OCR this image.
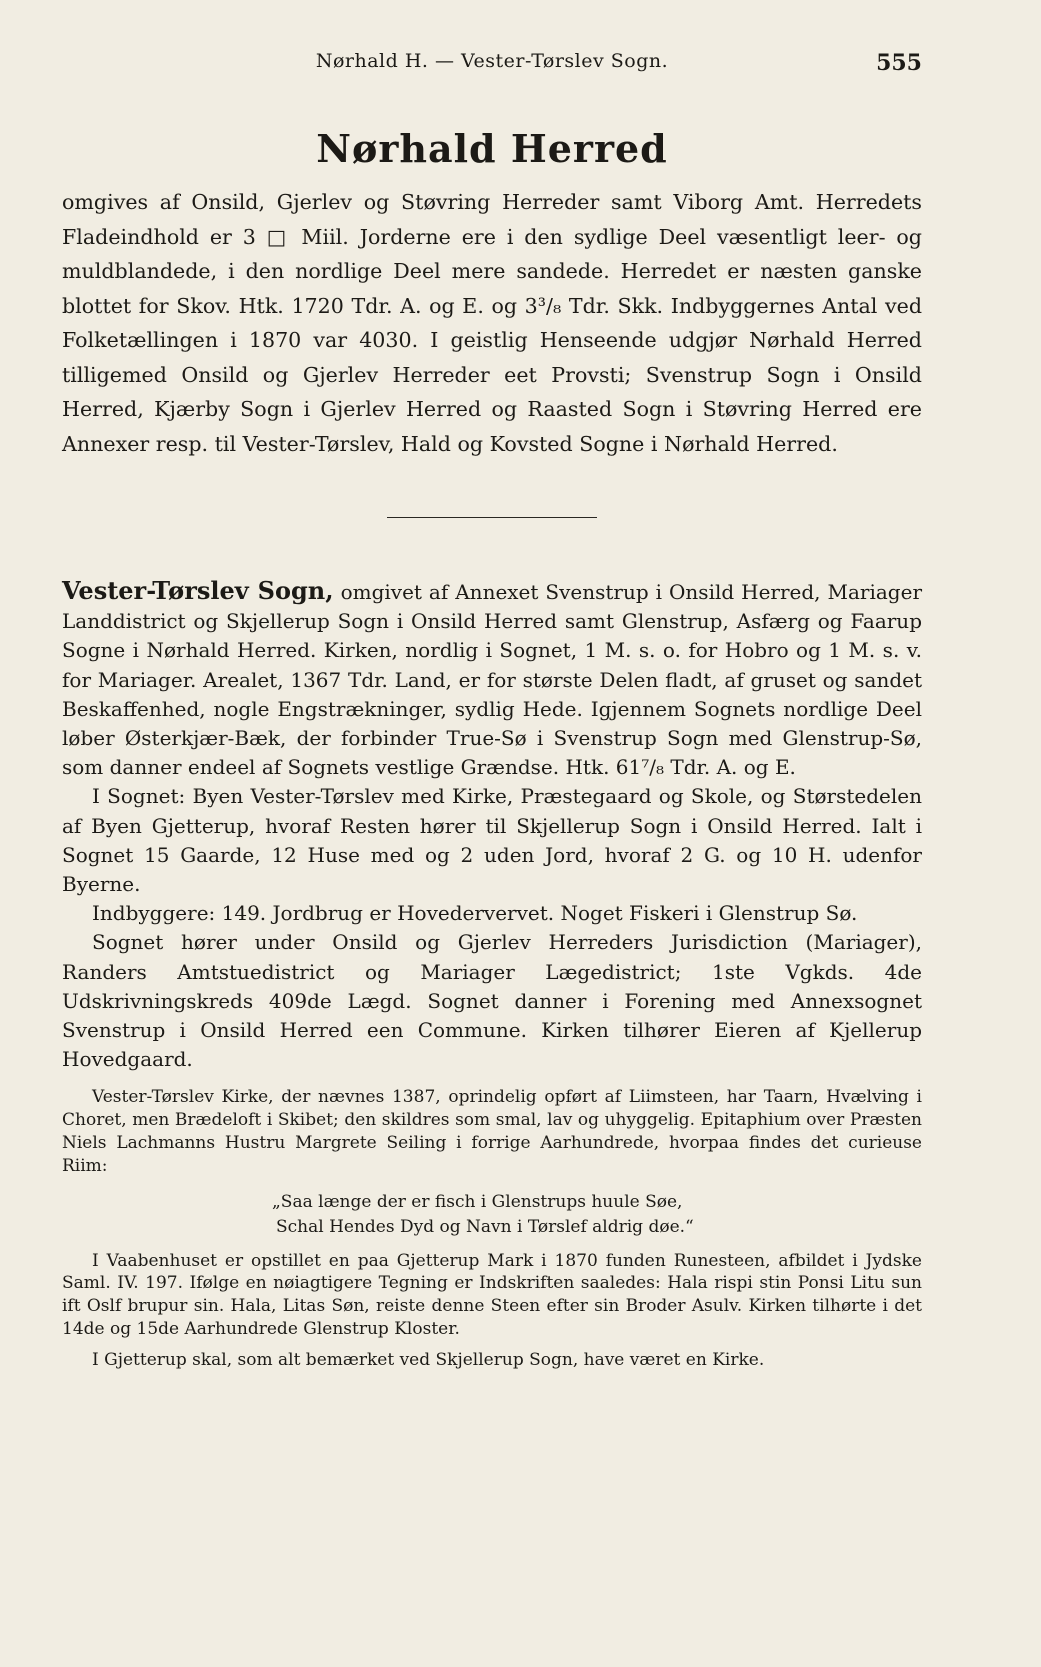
Nørhald H. — Vester-Tørslev Sogn.	555
Nørhald Herred

omgives af Onsild, Gjerlev og Støvring Herreder samt Viborg Amt. Herredets Fladeindhold er 3 □ Miil. Jorderne ere i den sydlige Deel væsentligt leer- og muldblandede, i den nordlige Deel mere sandede. Herredet er næsten ganske blottet for Skov. Htk. 1720 Tdr. A. og E. og 3³/₈ Tdr. Skk. Indbyggernes Antal ved Folketællingen i 1870 var 4030. I geistlig Henseende udgjør Nørhald Herred tilligemed Onsild og Gjerlev Herreder eet Provsti; Svenstrup Sogn i Onsild Herred, Kjærby Sogn i Gjerlev Herred og Raasted Sogn i Støvring Herred ere Annexer resp. til Vester-Tørslev, Hald og Kovsted Sogne i Nørhald Herred.

Vester-Tørslev Sogn, omgivet af Annexet Svenstrup i Onsild Herred, Mariager Landdistrict og Skjellerup Sogn i Onsild Herred samt Glenstrup, Asfærg og Faarup Sogne i Nørhald Herred. Kirken, nordlig i Sognet, 1 M. s. o. for Hobro og 1 M. s. v. for Mariager. Arealet, 1367 Tdr. Land, er for største Delen fladt, af gruset og sandet Beskaffenhed, nogle Engstrækninger, sydlig Hede. Igjennem Sognets nordlige Deel løber Østerkjær-Bæk, der forbinder True-Sø i Svenstrup Sogn med Glenstrup-Sø, som danner endeel af Sognets vestlige Grændse. Htk. 61⁷/₈ Tdr. A. og E.

I Sognet: Byen Vester-Tørslev med Kirke, Præstegaard og Skole, og Størstedelen af Byen Gjetterup, hvoraf Resten hører til Skjellerup Sogn i Onsild Herred. Ialt i Sognet 15 Gaarde, 12 Huse med og 2 uden Jord, hvoraf 2 G. og 10 H. udenfor Byerne.

Indbyggere: 149. Jordbrug er Hovedervervet. Noget Fiskeri i Glenstrup Sø.

Sognet hører under Onsild og Gjerlev Herreders Jurisdiction (Mariager), Randers Amtstuedistrict og Mariager Lægedistrict; 1ste Vgkds. 4de Udskrivningskreds 409de Lægd. Sognet danner i Forening med Annexsognet Svenstrup i Onsild Herred een Commune. Kirken tilhører Eieren af Kjellerup Hovedgaard.

Vester-Tørslev Kirke, der nævnes 1387, oprindelig opført af Liimsteen, har Taarn, Hvælving i Choret, men Brædeloft i Skibet; den skildres som smal, lav og uhyggelig. Epitaphium over Præsten Niels Lachmanns Hustru Margrete Seiling i forrige Aarhundrede, hvorpaa findes det curieuse Riim:

„Saa længe der er fisch i Glenstrups huule Søe,
Schal Hendes Dyd og Navn i Tørslef aldrig døe.“

I Vaabenhuset er opstillet en paa Gjetterup Mark i 1870 funden Runesteen, afbildet i Jydske Saml. IV. 197. Ifølge en nøiagtigere Tegning er Indskriften saaledes: Hala rispi stin Ponsi Litu sun ift Oslf brupur sin. Hala, Litas Søn, reiste denne Steen efter sin Broder Asulv. Kirken tilhørte i det 14de og 15de Aarhundrede Glenstrup Kloster.

I Gjetterup skal, som alt bemærket ved Skjellerup Sogn, have været en Kirke.
